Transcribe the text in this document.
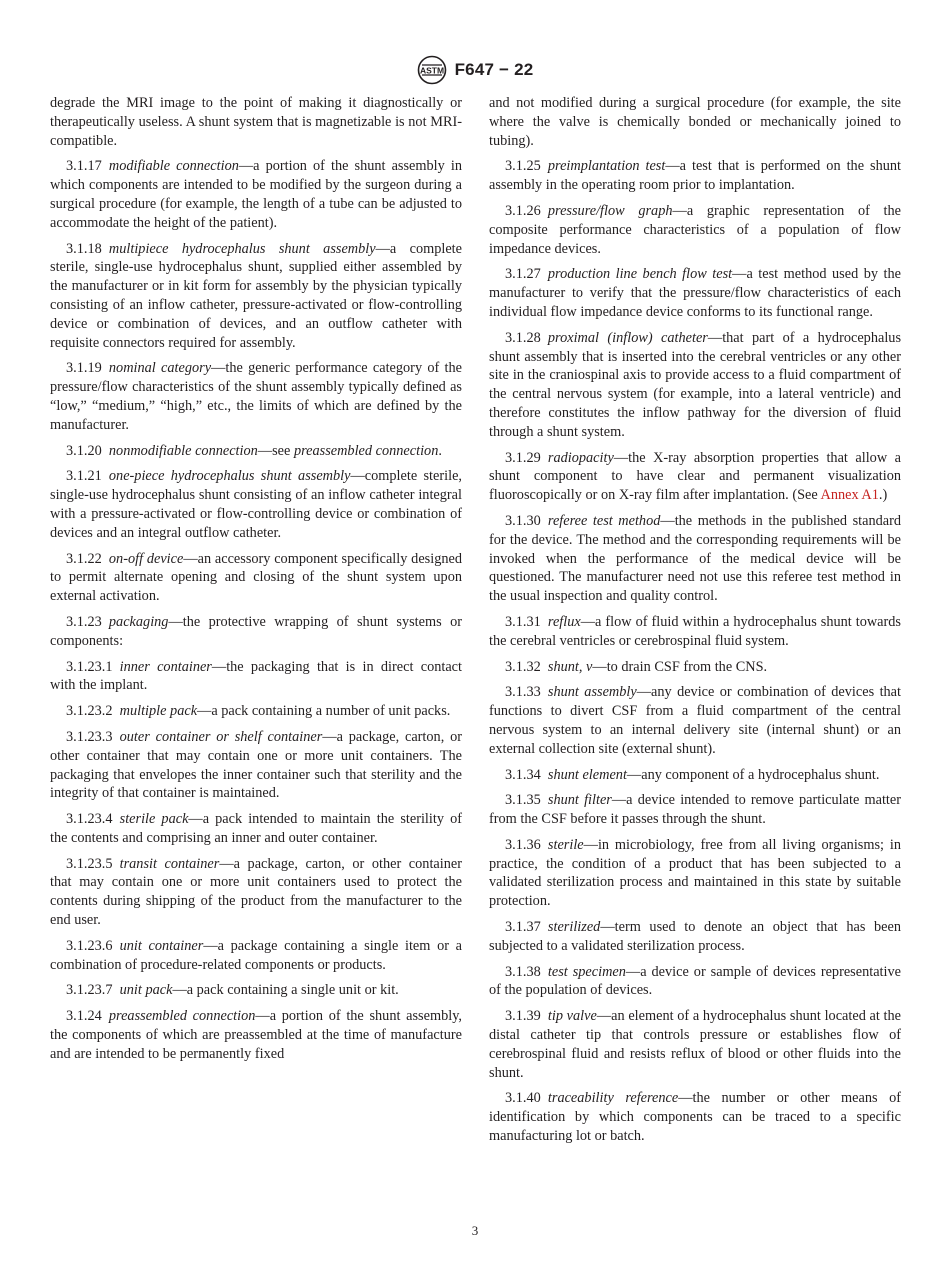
ASTM F647 − 22

degrade the MRI image to the point of making it diagnostically or therapeutically useless. A shunt system that is magnetizable is not MRI-compatible.

3.1.17  modifiable connection—a portion of the shunt assembly in which components are intended to be modified by the surgeon during a surgical procedure (for example, the length of a tube can be adjusted to accommodate the height of the patient).

3.1.18  multipiece hydrocephalus shunt assembly—a complete sterile, single-use hydrocephalus shunt, supplied either assembled by the manufacturer or in kit form for assembly by the physician typically consisting of an inflow catheter, pressure-activated or flow-controlling device or combination of devices, and an outflow catheter with requisite connectors required for assembly.

3.1.19  nominal category—the generic performance category of the pressure/flow characteristics of the shunt assembly typically defined as “low,” “medium,” “high,” etc., the limits of which are defined by the manufacturer.

3.1.20  nonmodifiable connection—see preassembled connection.

3.1.21  one-piece hydrocephalus shunt assembly—complete sterile, single-use hydrocephalus shunt consisting of an inflow catheter integral with a pressure-activated or flow-controlling device or combination of devices and an integral outflow catheter.

3.1.22  on-off device—an accessory component specifically designed to permit alternate opening and closing of the shunt system upon external activation.

3.1.23  packaging—the protective wrapping of shunt systems or components:

3.1.23.1  inner container—the packaging that is in direct contact with the implant.

3.1.23.2  multiple pack—a pack containing a number of unit packs.

3.1.23.3  outer container or shelf container—a package, carton, or other container that may contain one or more unit containers. The packaging that envelopes the inner container such that sterility and the integrity of that container is maintained.

3.1.23.4  sterile pack—a pack intended to maintain the sterility of the contents and comprising an inner and outer container.

3.1.23.5  transit container—a package, carton, or other container that may contain one or more unit containers used to protect the contents during shipping of the product from the manufacturer to the end user.

3.1.23.6  unit container—a package containing a single item or a combination of procedure-related components or products.

3.1.23.7  unit pack—a pack containing a single unit or kit.

3.1.24  preassembled connection—a portion of the shunt assembly, the components of which are preassembled at the time of manufacture and are intended to be permanently fixed

and not modified during a surgical procedure (for example, the site where the valve is chemically bonded or mechanically joined to tubing).

3.1.25  preimplantation test—a test that is performed on the shunt assembly in the operating room prior to implantation.

3.1.26  pressure/flow graph—a graphic representation of the composite performance characteristics of a population of flow impedance devices.

3.1.27  production line bench flow test—a test method used by the manufacturer to verify that the pressure/flow characteristics of each individual flow impedance device conforms to its functional range.

3.1.28  proximal (inflow) catheter—that part of a hydrocephalus shunt assembly that is inserted into the cerebral ventricles or any other site in the craniospinal axis to provide access to a fluid compartment of the central nervous system (for example, into a lateral ventricle) and therefore constitutes the inflow pathway for the diversion of fluid through a shunt system.

3.1.29  radiopacity—the X-ray absorption properties that allow a shunt component to have clear and permanent visualization fluoroscopically or on X-ray film after implantation. (See Annex A1.)

3.1.30  referee test method—the methods in the published standard for the device. The method and the corresponding requirements will be invoked when the performance of the medical device will be questioned. The manufacturer need not use this referee test method in the usual inspection and quality control.

3.1.31  reflux—a flow of fluid within a hydrocephalus shunt towards the cerebral ventricles or cerebrospinal fluid system.

3.1.32  shunt, v—to drain CSF from the CNS.

3.1.33  shunt assembly—any device or combination of devices that functions to divert CSF from a fluid compartment of the central nervous system to an internal delivery site (internal shunt) or an external collection site (external shunt).

3.1.34  shunt element—any component of a hydrocephalus shunt.

3.1.35  shunt filter—a device intended to remove particulate matter from the CSF before it passes through the shunt.

3.1.36  sterile—in microbiology, free from all living organisms; in practice, the condition of a product that has been subjected to a validated sterilization process and maintained in this state by suitable protection.

3.1.37  sterilized—term used to denote an object that has been subjected to a validated sterilization process.

3.1.38  test specimen—a device or sample of devices representative of the population of devices.

3.1.39  tip valve—an element of a hydrocephalus shunt located at the distal catheter tip that controls pressure or establishes flow of cerebrospinal fluid and resists reflux of blood or other fluids into the shunt.

3.1.40  traceability reference—the number or other means of identification by which components can be traced to a specific manufacturing lot or batch.

3
